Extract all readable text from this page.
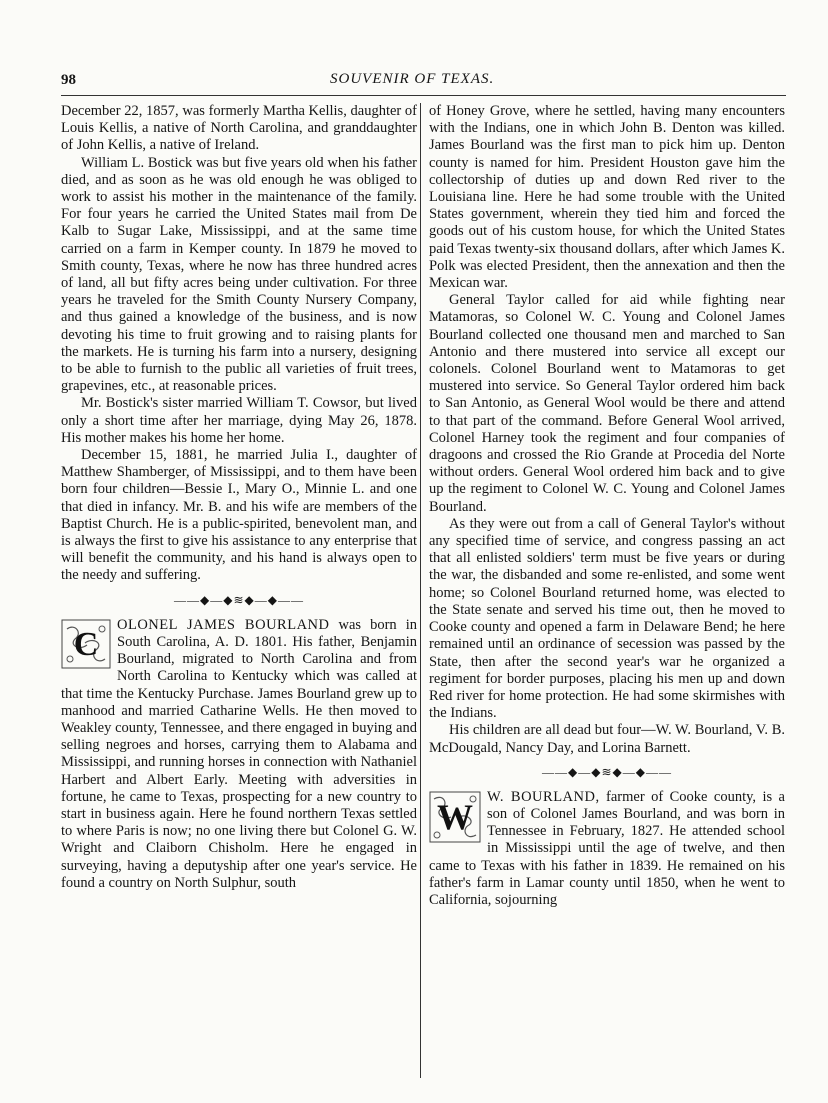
98	SOUVENIR OF TEXAS.

December 22, 1857, was formerly Martha Kellis, daughter of Louis Kellis, a native of North Carolina, and granddaughter of John Kellis, a native of Ireland.

William L. Bostick was but five years old when his father died, and as soon as he was old enough he was obliged to work to assist his mother in the maintenance of the family. For four years he carried the United States mail from De Kalb to Sugar Lake, Mississippi, and at the same time carried on a farm in Kemper county. In 1879 he moved to Smith county, Texas, where he now has three hundred acres of land, all but fifty acres being under cultivation. For three years he traveled for the Smith County Nursery Company, and thus gained a knowledge of the business, and is now devoting his time to fruit growing and to raising plants for the markets. He is turning his farm into a nursery, designing to be able to furnish to the public all varieties of fruit trees, grapevines, etc., at reasonable prices.

Mr. Bostick's sister married William T. Cowsor, but lived only a short time after her marriage, dying May 26, 1878. His mother makes his home her home.

December 15, 1881, he married Julia I., daughter of Matthew Shamberger, of Mississippi, and to them have been born four children—Bessie I., Mary O., Minnie L. and one that died in infancy. Mr. B. and his wife are members of the Baptist Church. He is a public-spirited, benevolent man, and is always the first to give his assistance to any enterprise that will benefit the community, and his hand is always open to the needy and suffering.

——◆—◆≋◆—◆——

C
OLONEL JAMES BOURLAND was born in South Carolina, A. D. 1801. His father, Benjamin Bourland, migrated to North Carolina and from North Carolina to Kentucky which was called at that time the Kentucky Purchase. James Bourland grew up to manhood and married Catharine Wells. He then moved to Weakley county, Tennessee, and there engaged in buying and selling negroes and horses, carrying them to Alabama and Mississippi, and running horses in connection with Nathaniel Harbert and Albert Early. Meeting with adversities in fortune, he came to Texas, prospecting for a new country to start in business again. Here he found northern Texas settled to where Paris is now; no one living there but Colonel G. W. Wright and Claiborn Chisholm. Here he engaged in surveying, having a deputyship after one year's service. He found a country on North Sulphur, south

of Honey Grove, where he settled, having many encounters with the Indians, one in which John B. Denton was killed. James Bourland was the first man to pick him up. Denton county is named for him. President Houston gave him the collectorship of duties up and down Red river to the Louisiana line. Here he had some trouble with the United States government, wherein they tied him and forced the goods out of his custom house, for which the United States paid Texas twenty-six thousand dollars, after which James K. Polk was elected President, then the annexation and then the Mexican war.

General Taylor called for aid while fighting near Matamoras, so Colonel W. C. Young and Colonel James Bourland collected one thousand men and marched to San Antonio and there mustered into service all except our colonels. Colonel Bourland went to Matamoras to get mustered into service. So General Taylor ordered him back to San Antonio, as General Wool would be there and attend to that part of the command. Before General Wool arrived, Colonel Harney took the regiment and four companies of dragoons and crossed the Rio Grande at Procedia del Norte without orders. General Wool ordered him back and to give up the regiment to Colonel W. C. Young and Colonel James Bourland.

As they were out from a call of General Taylor's without any specified time of service, and congress passing an act that all enlisted soldiers' term must be five years or during the war, the disbanded and some re-enlisted, and some went home; so Colonel Bourland returned home, was elected to the State senate and served his time out, then he moved to Cooke county and opened a farm in Delaware Bend; he here remained until an ordinance of secession was passed by the State, then after the second year's war he organized a regiment for border purposes, placing his men up and down Red river for home protection. He had some skirmishes with the Indians.

His children are all dead but four—W. W. Bourland, V. B. McDougald, Nancy Day, and Lorina Barnett.

——◆—◆≋◆—◆——

W W. BOURLAND, farmer of Cooke county, is a son of Colonel James Bourland, and was born in Tennessee in February, 1827. He attended school in Mississippi until the age of twelve, and then came to Texas with his father in 1839. He remained on his father's farm in Lamar county until 1850, when he went to California, sojourning
